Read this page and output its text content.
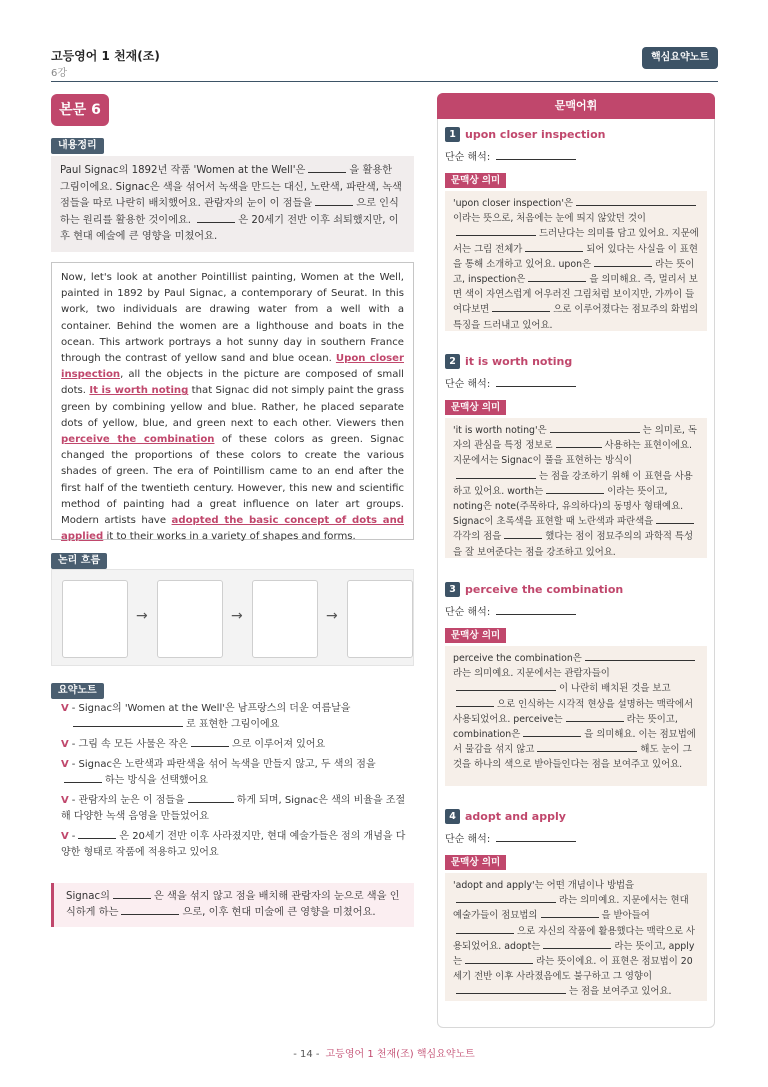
고등영어 1 천재(조)
6강
핵심요약노트
본문 6
내용정리
Paul Signac의 1892년 작품 'Women at the Well'은	을 활용한 그림이에요. Signac은 색을 섞어서 녹색을 만드는 대신, 노란색, 파란색, 녹색 점들을 따로 나란히 배치했어요. 관람자의 눈이 이 점들을	으로 인식하는 원리를 활용한 것이에요.	은 20세기 전반 이후 쇠퇴했지만, 이후 현대 예술에 큰 영향을 미쳤어요.
Now, let's look at another Pointillist painting, Women at the Well, painted in 1892 by Paul Signac, a contemporary of Seurat. In this work, two individuals are drawing water from a well with a container. Behind the women are a lighthouse and boats in the ocean. This artwork portrays a hot sunny day in southern France through the contrast of yellow sand and blue ocean. Upon closer inspection, all the objects in the picture are composed of small dots. It is worth noting that Signac did not simply paint the grass green by combining yellow and blue. Rather, he placed separate dots of yellow, blue, and green next to each other. Viewers then perceive the combination of these colors as green. Signac changed the proportions of these colors to create the various shades of green. The era of Pointillism came to an end after the first half of the twentieth century. However, this new and scientific method of painting had a great influence on later art groups. Modern artists have adopted the basic concept of dots and applied it to their works in a variety of shapes and forms.
논리 흐름
→	→	→
요약노트
V - Signac의 'Women at the Well'은 남프랑스의 더운 여름날을
로 표현한 그림이에요
V - 그림 속 모든 사물은 작은	으로 이루어져 있어요
V - Signac은 노란색과 파란색을 섞어 녹색을 만들지 않고, 두 색의 점을하는 방식을 선택했어요
V - 관람자의 눈은 이 점들을	하게 되며, Signac은 색의 비율을 조절해 다양한 녹색 음영을 만들었어요
V -	은 20세기 전반 이후 사라졌지만, 현대 예술가들은 점의 개념을 다양한 형태로 작품에 적용하고 있어요
Signac의	은 색을 섞지 않고 점을 배치해 관람자의 눈으로 색을 인식하게 하는	으로, 이후 현대 미술에 큰 영향을 미쳤어요.
문맥어휘
1 upon closer inspection
단순 해석:
문맥상 의미
'upon closer inspection'은이라는 뜻으로, 처음에는 눈에 띄지 않았던 것이드러난다는 의미를 담고 있어요. 지문에서는 그림 전체가	되어 있다는 사실을 이 표현을 통해 소개하고 있어요. upon은	라는 뜻이고, inspection은	을 의미해요. 즉, 멀리서 보면 색이 자연스럽게 어우러진 그림처럼 보이지만, 가까이 들여다보면	으로 이루어졌다는 점묘주의 화법의 특징을 드러내고 있어요.
2 it is worth noting
단순 해석:
문맥상 의미
'it is worth noting'은	는 의미로, 독자의 관심을 특정 정보로	사용하는 표현이에요. 지문에서는 Signac이 풀을 표현하는 방식이는 점을 강조하기 위해 이 표현을 사용하고 있어요. worth는	이라는 뜻이고, noting은 note(주목하다, 유의하다)의 동명사 형태예요. Signac이 초록색을 표현할 때 노란색과 파란색을각각의 점을	했다는 점이 점묘주의의 과학적 특성을 잘 보여준다는 점을 강조하고 있어요.
3 perceive the combination
단순 해석:
문맥상 의미
perceive the combination은라는 의미예요. 지문에서는 관람자들이이 나란히 배치된 것을 보고으로 인식하는 시각적 현상을 설명하는 맥락에서 사용되었어요. perceive는	라는 뜻이고, combination은	을 의미해요. 이는 점묘법에서 물감을 섞지 않고	해도 눈이 그것을 하나의 색으로 받아들인다는 점을 보여주고 있어요.
4 adopt and apply
단순 해석:
문맥상 의미
'adopt and apply'는 어떤 개념이나 방법을라는 의미예요. 지문에서는 현대 예술가들이 점묘법의	을 받아들여으로 자신의 작품에 활용했다는 맥락으로 사용되었어요. adopt는	라는 뜻이고, apply는	라는 뜻이에요. 이 표현은 점묘법이 20세기 전반 이후 사라졌음에도 불구하고 그 영향이는 점을 보여주고 있어요.
- 14 - 고등영어 1 천재(조) 핵심요약노트
